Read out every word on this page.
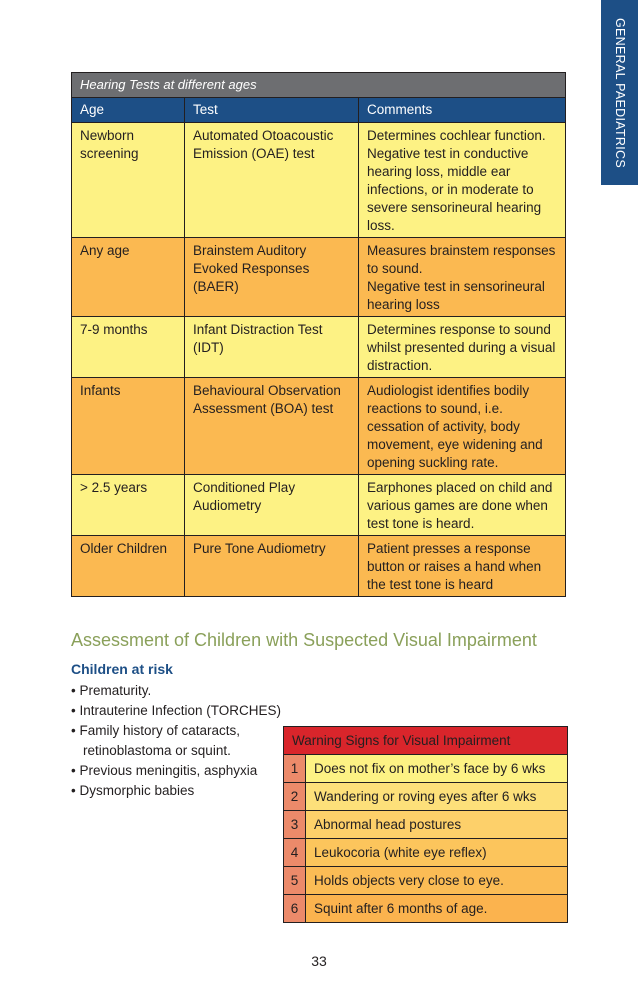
GENERAL PAEDIATRICS
Hearing Tests at different ages		
Age	Test	Comments
Newborn screening	Automated Otoacoustic Emission (OAE) test	Determines cochlear function. Negative test in conductive hearing loss, middle ear infections, or in moderate to severe sensorineural hearing loss.
Any age	Brainstem Auditory Evoked Responses (BAER)	Measures brainstem responses to sound.
Negative test in sensorineural hearing loss
7-9 months	Infant Distraction Test (IDT)	Determines response to sound whilst presented during a visual distraction.
Infants	Behavioural Observation Assessment (BOA) test	Audiologist identifies bodily reactions to sound, i.e. cessation of activity, body movement, eye widening and opening suckling rate.
> 2.5 years	Conditioned Play Audiometry	Earphones placed on child and various games are done when test tone is heard.
Older Children	Pure Tone Audiometry	Patient presses a response button or raises a hand when the test tone is heard
Assessment of Children with Suspected Visual Impairment
Children at risk
• Prematurity.
• Intrauterine Infection (TORCHES)
• Family history of cataracts, retinoblastoma or squint.
• Previous meningitis, asphyxia
• Dysmorphic babies
Warning Signs for Visual Impairment	
1	Does not fix on mother’s face by 6 wks
2	Wandering or roving eyes after 6 wks
3	Abnormal head postures
4	Leukocoria (white eye reflex)
5	Holds objects very close to eye.
6	Squint after 6 months of age.
33
